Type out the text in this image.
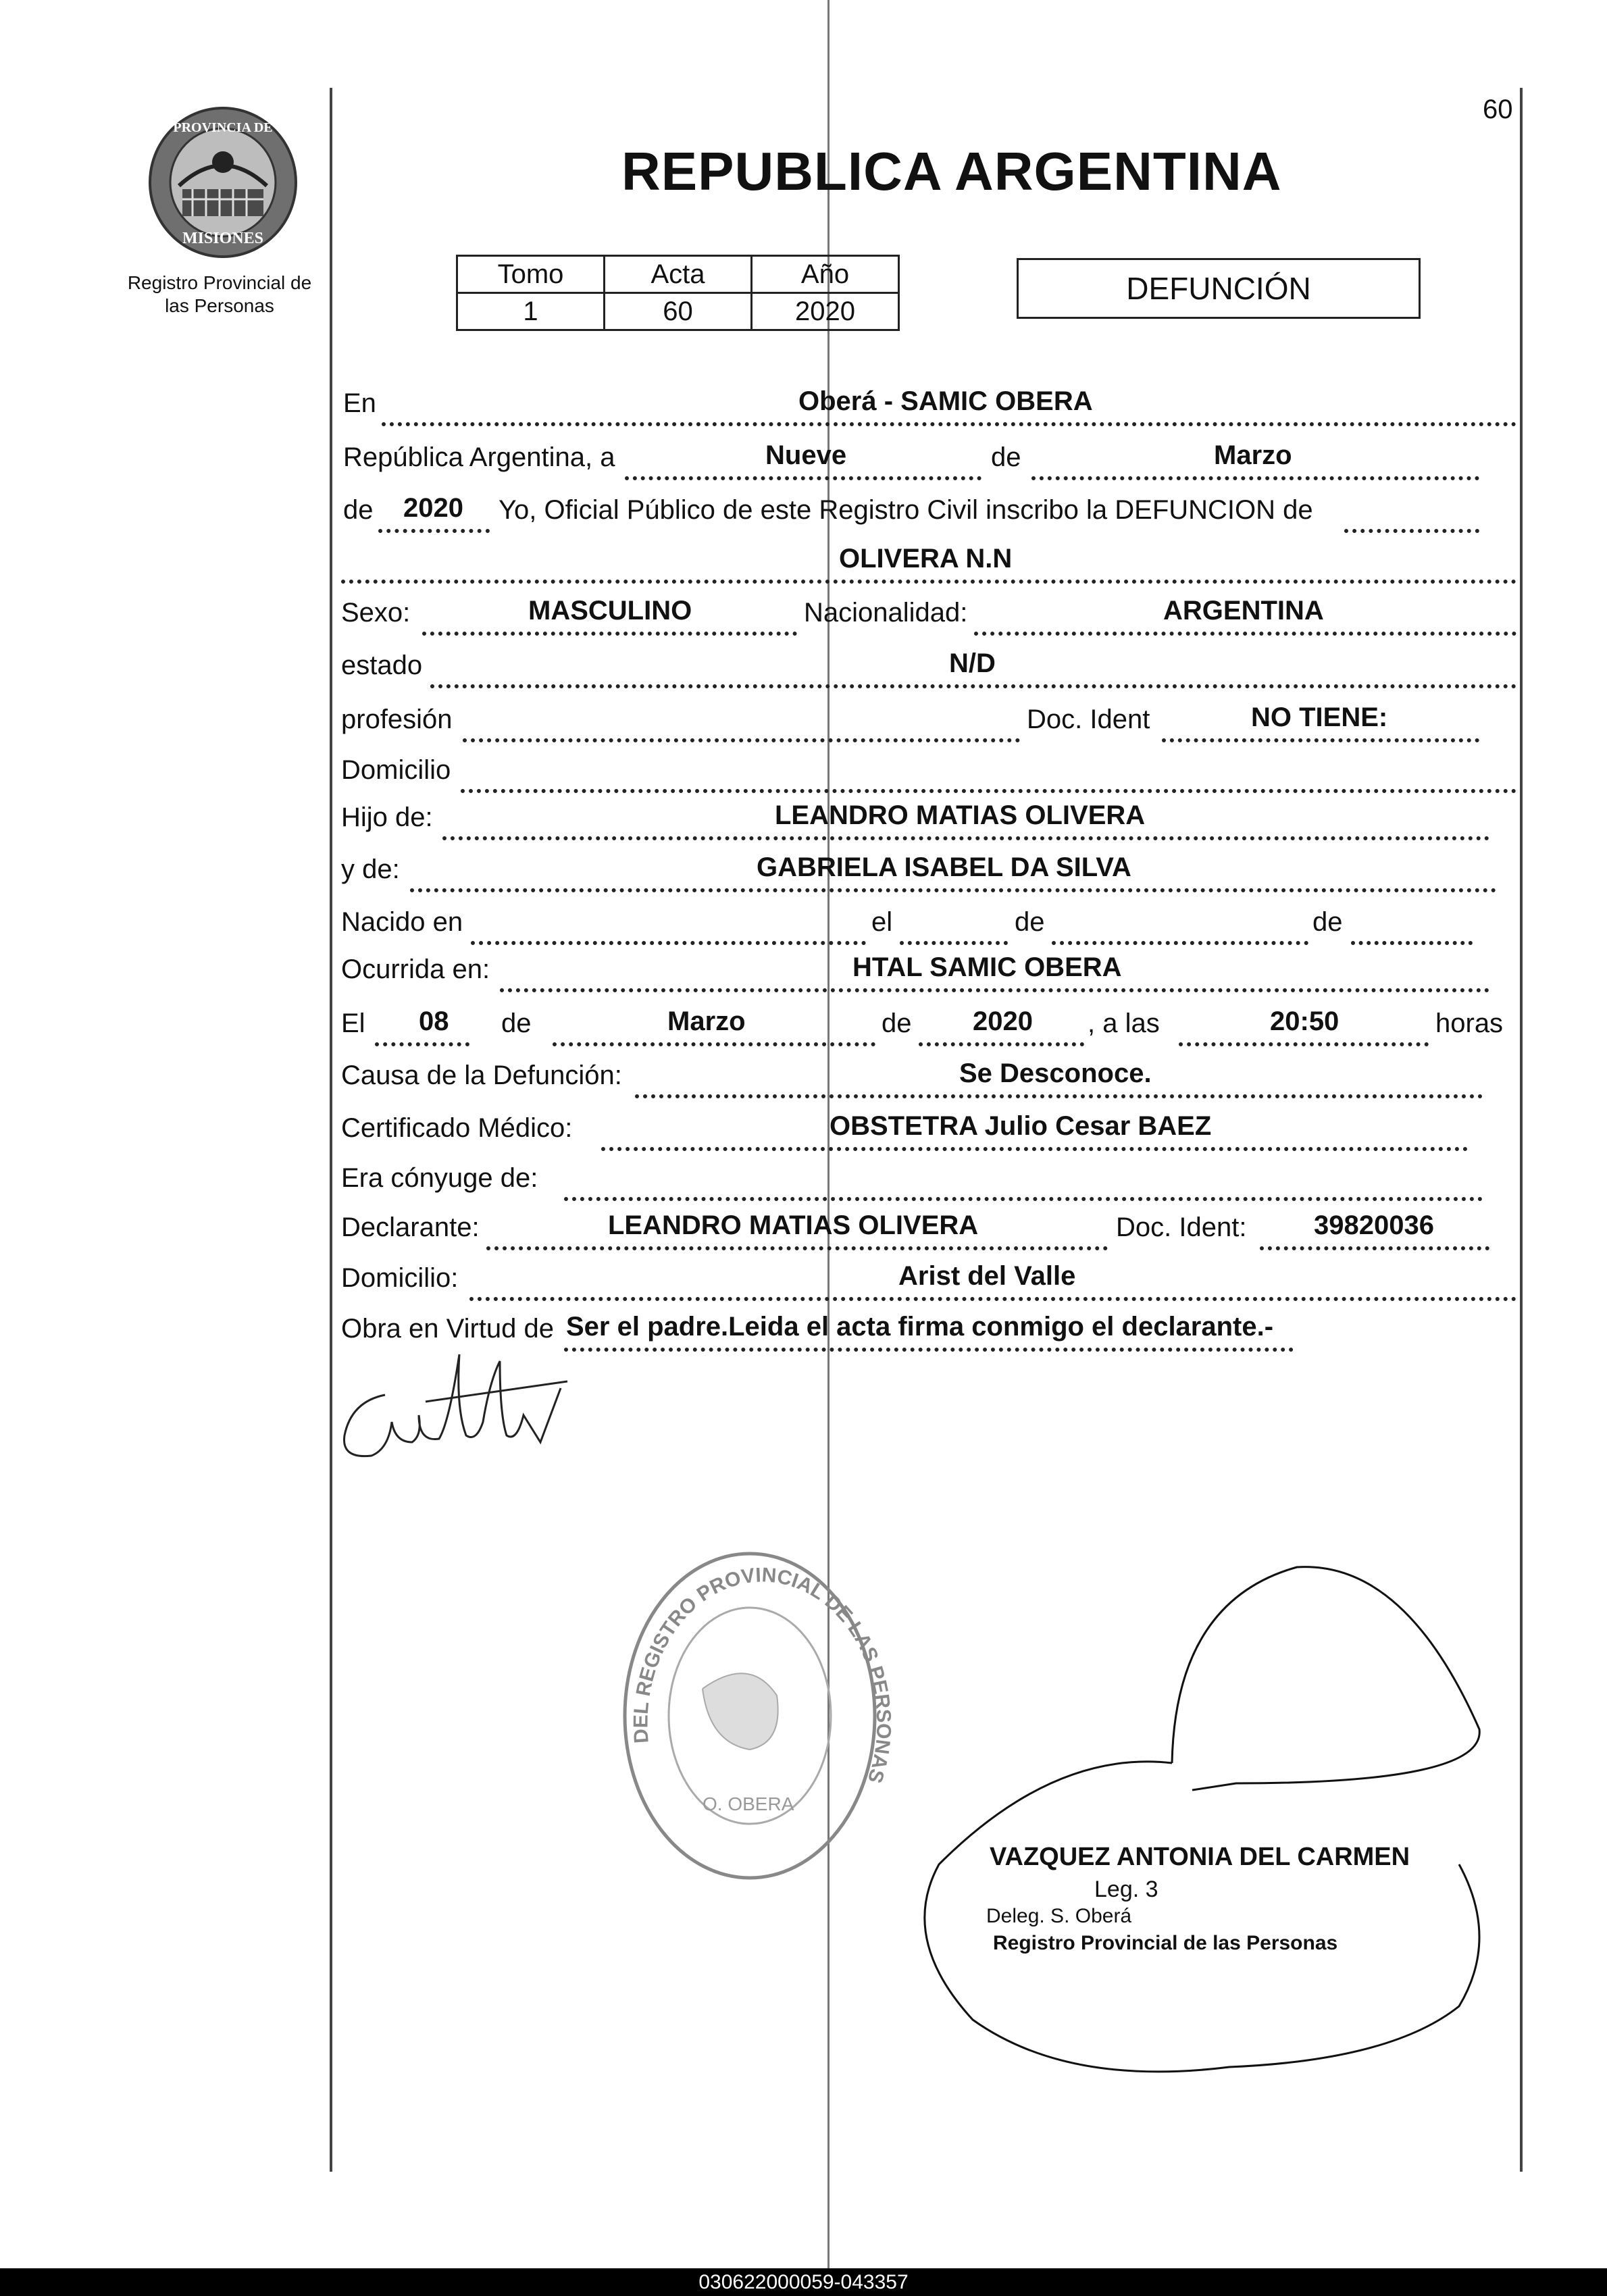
60
PROVINCIA DE
MISIONES
Registro Provincial de
las Personas
REPUBLICA ARGENTINA
Tomo	Acta	Año
1	60	2020
DEFUNCIÓN
En	Oberá - SAMIC OBERA
República Argentina, a	Nueve	de	Marzo
de 2020 Yo, Oficial Público de este Registro Civil inscribo la DEFUNCION de
OLIVERA N.N
Sexo:	MASCULINO	Nacionalidad:	ARGENTINA
estado	N/D
profesión	Doc. Ident	NO TIENE:
Domicilio
Hijo de:	LEANDRO MATIAS OLIVERA
y de:	GABRIELA ISABEL DA SILVA
Nacido en	el	de	de
Ocurrida en:	HTAL SAMIC OBERA
El 08 de	Marzo	de 2020 , a las	20:50	horas
Causa de la Defunción:	Se Desconoce.
Certificado Médico:	OBSTETRA Julio Cesar BAEZ
Era cónyuge de:
Declarante:	LEANDRO MATIAS OLIVERA	Doc. Ident: 39820036
Domicilio:	Arist del Valle
Obra en Virtud de Ser el padre.Leida el acta firma conmigo el declarante.-
DEL REGISTRO PROVINCIAL DE LAS PE NAS
O. OBERA
VAZQUEZ ANTONIA DEL CARMEN
Leg. 3
Deleg. S. Oberá
Registro Provincial de las Personas
030622000059-043357
